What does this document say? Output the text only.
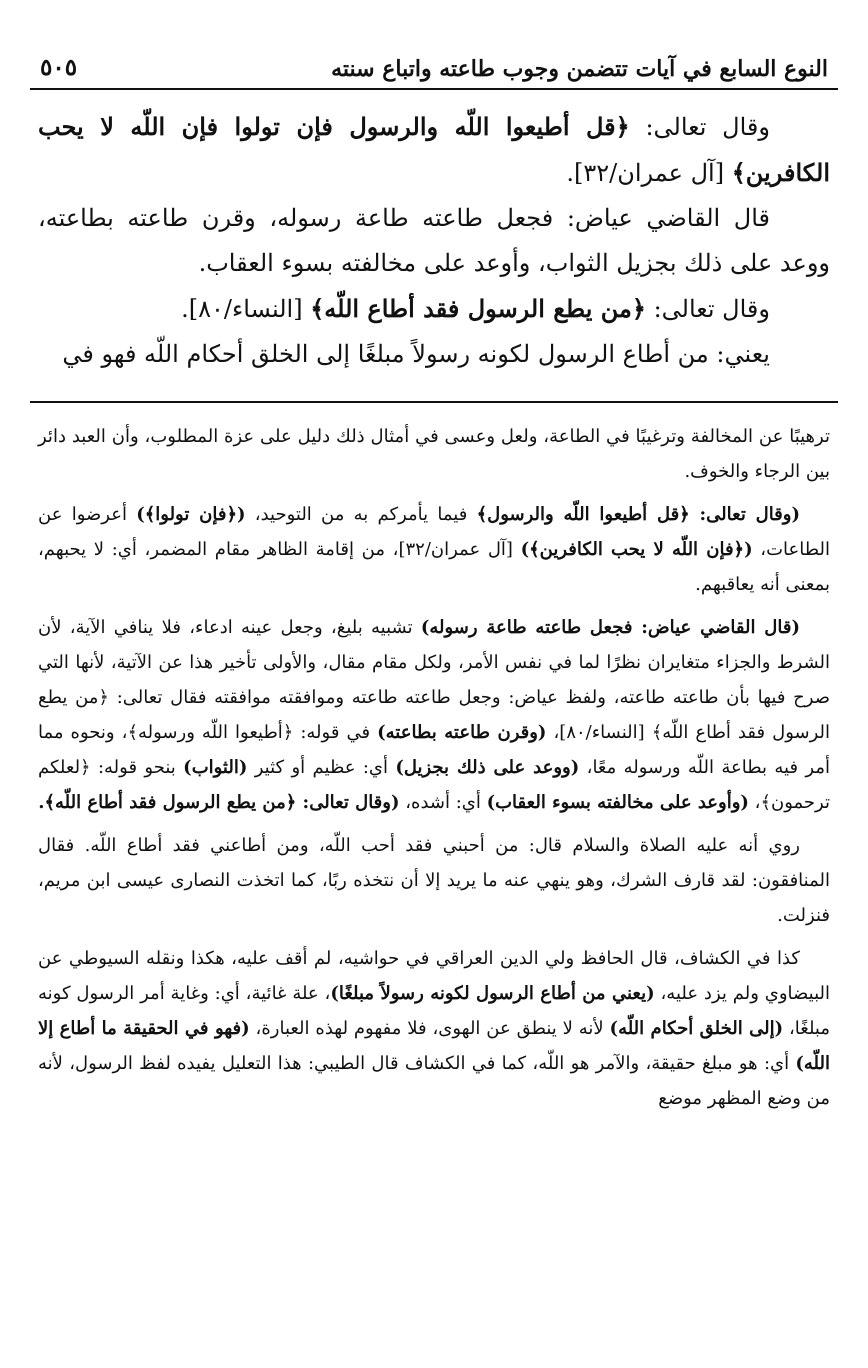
النوع السابع في آيات تتضمن وجوب طاعته واتباع سنته
٥٠٥

وقال تعالى: ﴿قل أطيعوا اللّه والرسول فإن تولوا فإن اللّه لا يحب الكافرين﴾ [آل عمران/٣٢].

قال القاضي عياض: فجعل طاعته طاعة رسوله، وقرن طاعته بطاعته، ووعد على ذلك بجزيل الثواب، وأوعد على مخالفته بسوء العقاب.

وقال تعالى: ﴿من يطع الرسول فقد أطاع اللّه﴾ [النساء/٨٠].

يعني: من أطاع الرسول لكونه رسولاً مبلغًا إلى الخلق أحكام اللّه فهو في

ترهيبًا عن المخالفة وترغيبًا في الطاعة، ولعل وعسى في أمثال ذلك دليل على عزة المطلوب، وأن العبد دائر بين الرجاء والخوف.

(وقال تعالى: ﴿قل أطيعوا اللّه والرسول﴾ فيما يأمركم به من التوحيد، (﴿فإن تولوا﴾) أعرضوا عن الطاعات، (﴿فإن اللّه لا يحب الكافرين﴾) [آل عمران/٣٢]، من إقامة الظاهر مقام المضمر، أي: لا يحبهم، بمعنى أنه يعاقبهم.

(قال القاضي عياض: فجعل طاعته طاعة رسوله) تشبيه بليغ، وجعل عينه ادعاء، فلا ينافي الآية، لأن الشرط والجزاء متغايران نظرًا لما في نفس الأمر، ولكل مقام مقال، والأولى تأخير هذا عن الآتية، لأنها التي صرح فيها بأن طاعته طاعته، ولفظ عياض: وجعل طاعته طاعته وموافقته موافقته فقال تعالى: ﴿من يطع الرسول فقد أطاع اللّه﴾ [النساء/٨٠]، (وقرن طاعته بطاعته) في قوله: ﴿أطيعوا اللّه ورسوله﴾، ونحوه مما أمر فيه بطاعة اللّه ورسوله معًا، (ووعد على ذلك بجزيل) أي: عظيم أو كثير (الثواب) بنحو قوله: ﴿لعلكم ترحمون﴾، (وأوعد على مخالفته بسوء العقاب) أي: أشده، (وقال تعالى: ﴿من يطع الرسول فقد أطاع اللّه﴾.

روي أنه عليه الصلاة والسلام قال: من أحبني فقد أحب اللّه، ومن أطاعني فقد أطاع اللّه. فقال المنافقون: لقد قارف الشرك، وهو ينهي عنه ما يريد إلا أن نتخذه ربًا، كما اتخذت النصارى عيسى ابن مريم، فنزلت.

كذا في الكشاف، قال الحافظ ولي الدين العراقي في حواشيه، لم أقف عليه، هكذا ونقله السيوطي عن البيضاوي ولم يزد عليه، (يعني من أطاع الرسول لكونه رسولاً مبلغًا)، علة غائية، أي: وغاية أمر الرسول كونه مبلغًا، (إلى الخلق أحكام اللّه) لأنه لا ينطق عن الهوى، فلا مفهوم لهذه العبارة، (فهو في الحقيقة ما أطاع إلا اللّه) أي: هو مبلغ حقيقة، والآمر هو اللّه، كما في الكشاف قال الطيبي: هذا التعليل يفيده لفظ الرسول، لأنه من وضع المظهر موضع
